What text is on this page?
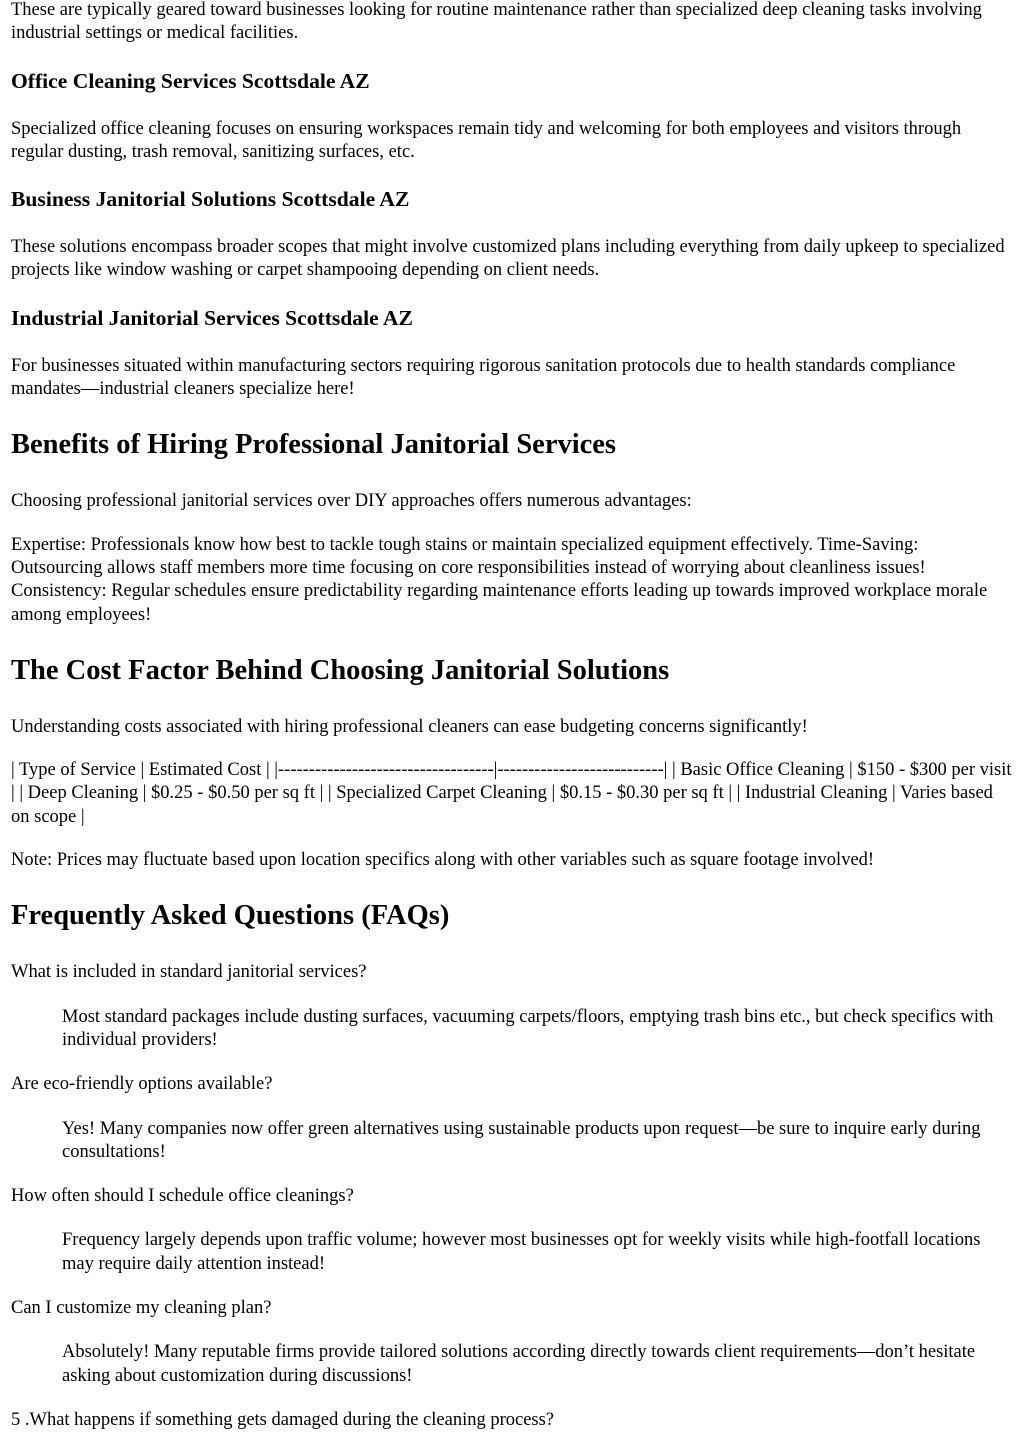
These are typically geared toward businesses looking for routine maintenance rather than specialized deep cleaning tasks involving industrial settings or medical facilities.

Office Cleaning Services Scottsdale AZ

Specialized office cleaning focuses on ensuring workspaces remain tidy and welcoming for both employees and visitors through regular dusting, trash removal, sanitizing surfaces, etc.

Business Janitorial Solutions Scottsdale AZ

These solutions encompass broader scopes that might involve customized plans including everything from daily upkeep to specialized projects like window washing or carpet shampooing depending on client needs.

Industrial Janitorial Services Scottsdale AZ

For businesses situated within manufacturing sectors requiring rigorous sanitation protocols due to health standards compliance mandates—industrial cleaners specialize here!

Benefits of Hiring Professional Janitorial Services

Choosing professional janitorial services over DIY approaches offers numerous advantages:

Expertise: Professionals know how best to tackle tough stains or maintain specialized equipment effectively. Time-Saving: Outsourcing allows staff members more time focusing on core responsibilities instead of worrying about cleanliness issues! Consistency: Regular schedules ensure predictability regarding maintenance efforts leading up towards improved workplace morale among employees!

The Cost Factor Behind Choosing Janitorial Solutions

Understanding costs associated with hiring professional cleaners can ease budgeting concerns significantly!

| Type of Service | Estimated Cost | |-----------------------------------|---------------------------| | Basic Office Cleaning | $150 - $300 per visit | | Deep Cleaning | $0.25 - $0.50 per sq ft | | Specialized Carpet Cleaning | $0.15 - $0.30 per sq ft | | Industrial Cleaning | Varies based on scope |

Note: Prices may fluctuate based upon location specifics along with other variables such as square footage involved!

Frequently Asked Questions (FAQs)
What is included in standard janitorial services?
Most standard packages include dusting surfaces, vacuuming carpets/floors, emptying trash bins etc., but check specifics with individual providers!
Are eco-friendly options available?
Yes! Many companies now offer green alternatives using sustainable products upon request—be sure to inquire early during consultations!
How often should I schedule office cleanings?
Frequency largely depends upon traffic volume; however most businesses opt for weekly visits while high-footfall locations may require daily attention instead!
Can I customize my cleaning plan?
Absolutely! Many reputable firms provide tailored solutions according directly towards client requirements—don’t hesitate asking about customization during discussions!
5 .What happens if something gets damaged during the cleaning process?
